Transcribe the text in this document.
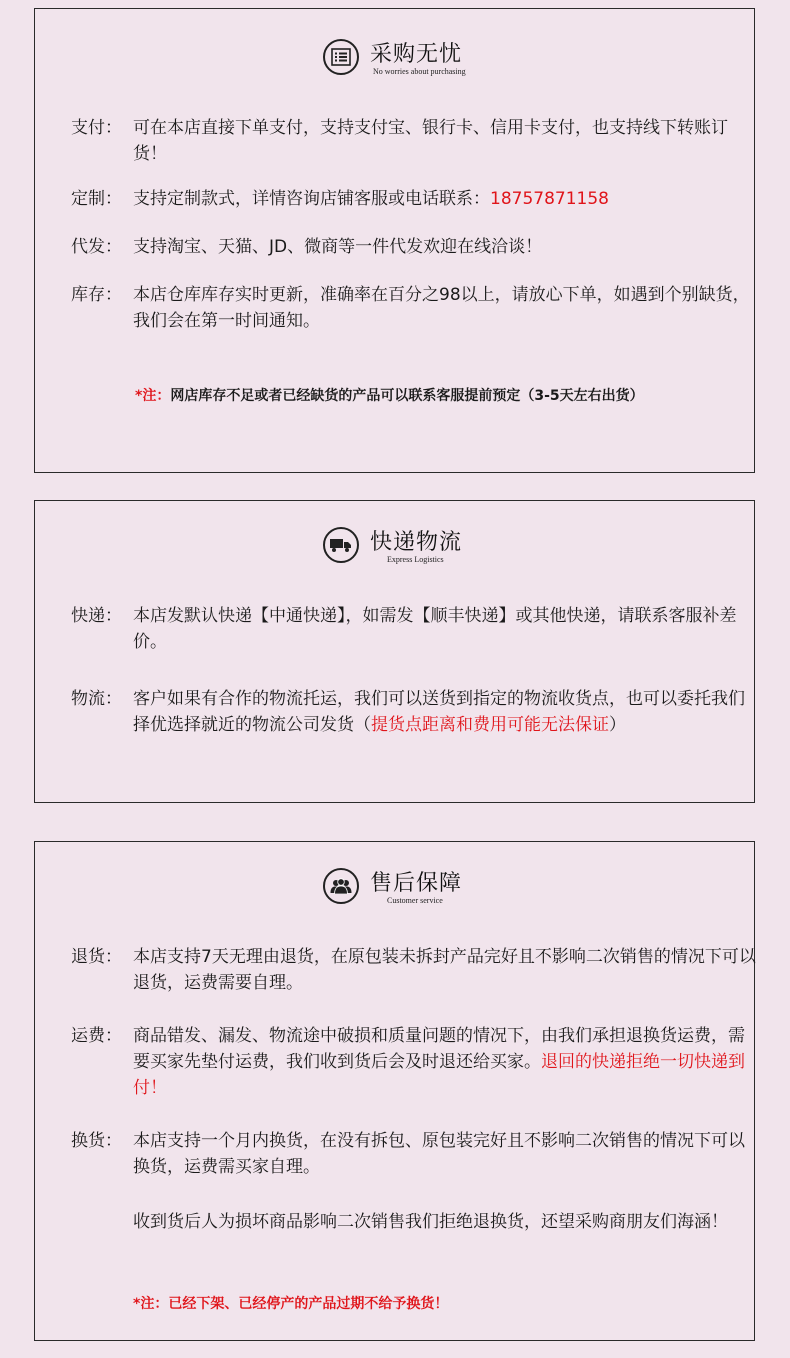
采购无忧
No worries about purchasing
支付： 可在本店直接下单支付，支持支付宝、银行卡、信用卡支付，也支持线下转账订货！
定制： 支持定制款式，详情咨询店铺客服或电话联系：18757871158
代发： 支持淘宝、天猫、JD、微商等一件代发欢迎在线洽谈！
库存： 本店仓库库存实时更新，准确率在百分之98以上，请放心下单，如遇到个别缺货，我们会在第一时间通知。
*注：网店库存不足或者已经缺货的产品可以联系客服提前预定（3-5天左右出货）
快递物流
Express Logistics
快递： 本店发默认快递【中通快递】，如需发【顺丰快递】或其他快递，请联系客服补差价。
物流： 客户如果有合作的物流托运，我们可以送货到指定的物流收货点，也可以委托我们择优选择就近的物流公司发货（提货点距离和费用可能无法保证）
售后保障
Customer service
退货： 本店支持7天无理由退货，在原包装未拆封产品完好且不影响二次销售的情况下可以退货，运费需要自理。
运费： 商品错发、漏发、物流途中破损和质量问题的情况下，由我们承担退换货运费，需要买家先垫付运费，我们收到货后会及时退还给买家。退回的快递拒绝一切快递到付！
换货： 本店支持一个月内换货，在没有拆包、原包装完好且不影响二次销售的情况下可以换货，运费需买家自理。
收到货后人为损坏商品影响二次销售我们拒绝退换货，还望采购商朋友们海涵！
*注：已经下架、已经停产的产品过期不给予换货！
